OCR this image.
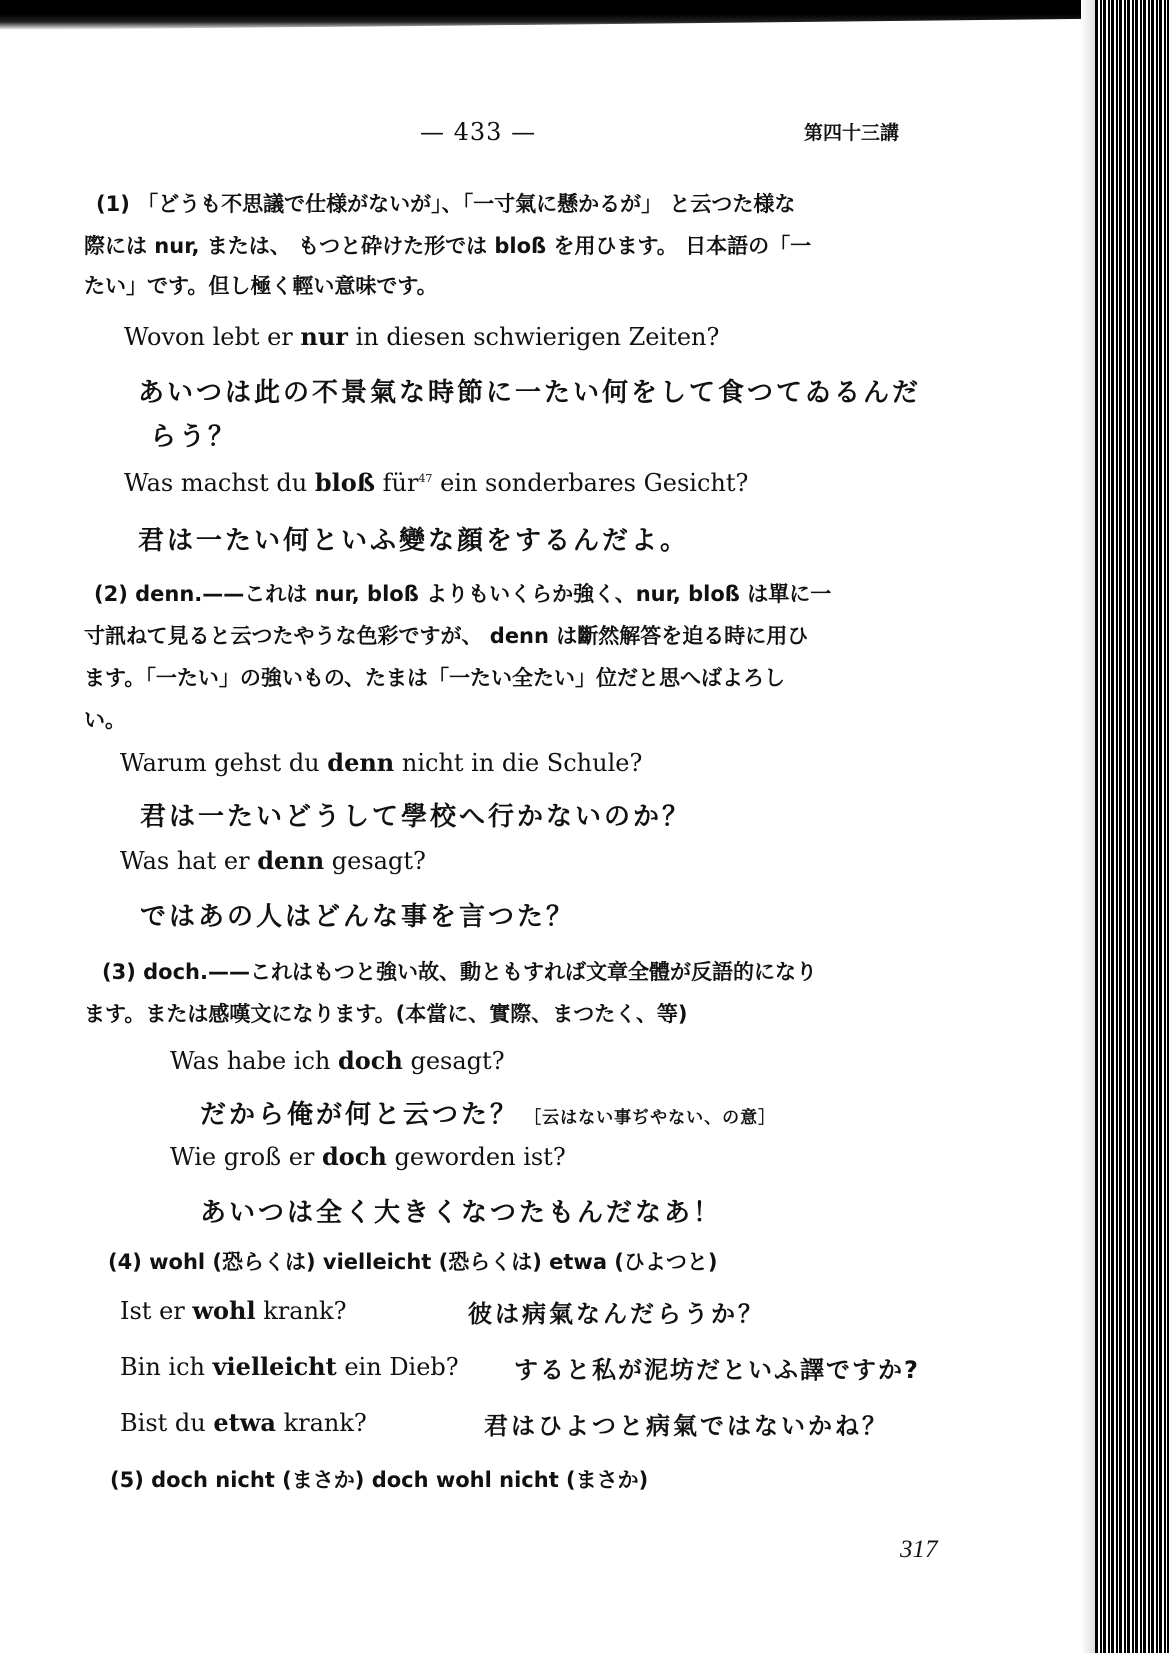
— 433 —	第四十三講
(1) 「どうも不思議で仕様がないが」、「一寸氣に懸かるが」 と云つた様な
際には nur, または、 もつと砕けた形では bloß を用ひます。 日本語の「一
たい」です。但し極く輕い意味です。
Wovon lebt er nur in diesen schwierigen Zeiten?
あいつは此の不景氣な時節に一たい何をして食つてゐるんだ
らう？
Was machst du bloß für$^{47}$ ein sonderbares Gesicht?
君は一たい何といふ變な顔をするんだよ。
(2) denn.——これは nur, bloß よりもいくらか強く、nur, bloß は單に一
寸訊ねて見ると云つたやうな色彩ですが、 denn は斷然解答を迫る時に用ひ
ます。「一たい」の強いもの、たまは「一たい全たい」位だと思へばよろし
い。
Warum gehst du denn nicht in die Schule?
君は一たいどうして學校へ行かないのか？
Was hat er denn gesagt?
ではあの人はどんな事を言つた？
(3) doch.——これはもつと強い故、動ともすれば文章全體が反語的になり
ます。または感嘆文になります。(本當に、實際、まつたく、等)
Was habe ich doch gesagt?
だから俺が何と云つた？ ［云はない事ぢやない、の意］
Wie groß er doch geworden ist?
あいつは全く大きくなつたもんだなあ！
(4) wohl (恐らくは) vielleicht (恐らくは) etwa (ひよつと)
Ist er wohl krank?	彼は病氣なんだらうか？
Bin ich vielleicht ein Dieb? すると私が泥坊だといふ譯ですか?
Bist du etwa krank?	君はひよつと病氣ではないかね？
(5) doch nicht (まさか) doch wohl nicht (まさか)
317
